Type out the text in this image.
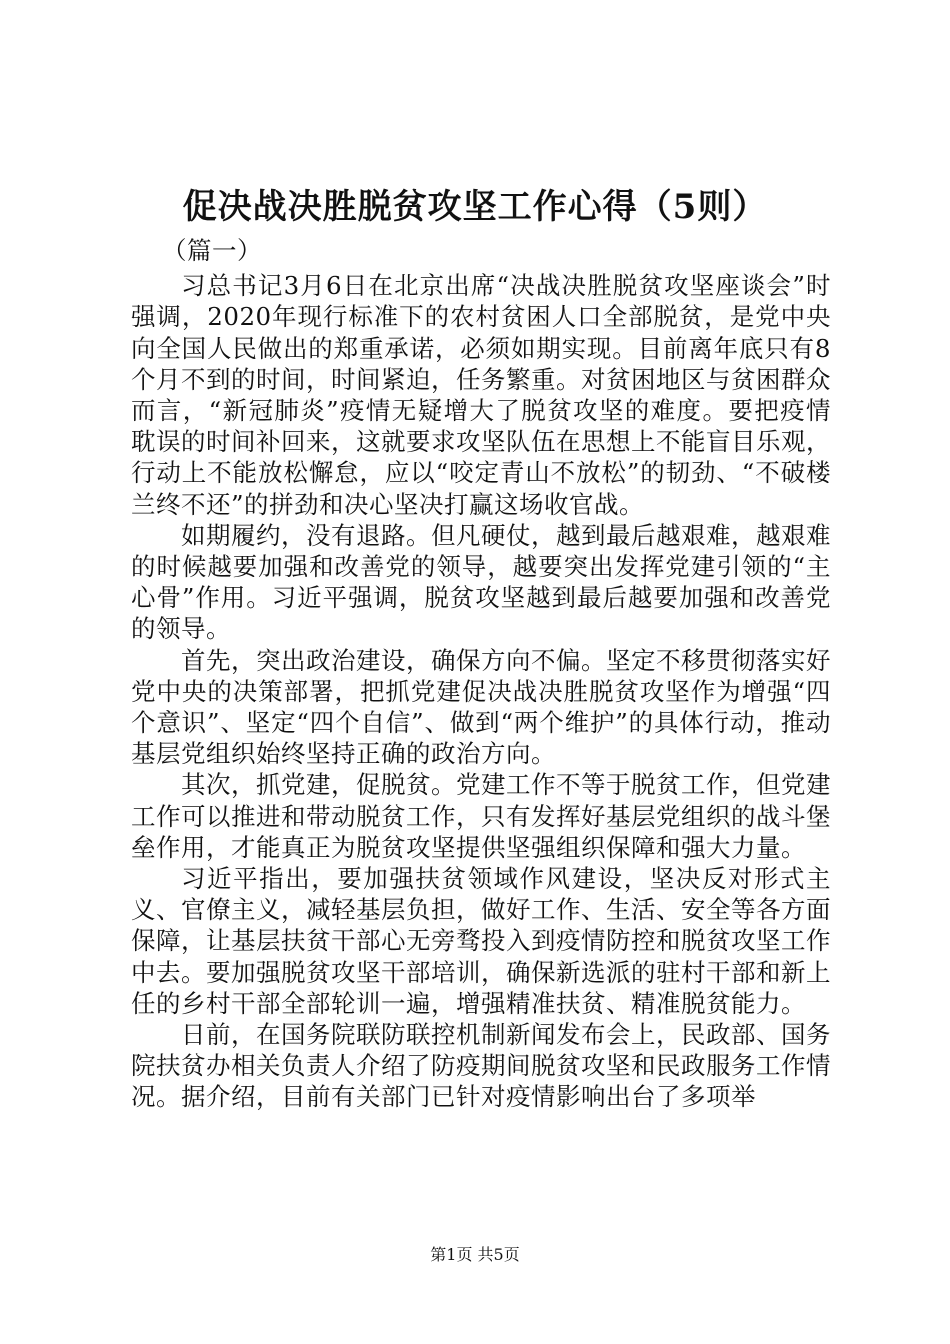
促决战决胜脱贫攻坚工作心得（5则）

（篇一）

习总书记3月6日在北京出席“决战决胜脱贫攻坚座谈会”时强调，2020年现行标准下的农村贫困人口全部脱贫，是党中央向全国人民做出的郑重承诺，必须如期实现。目前离年底只有8个月不到的时间，时间紧迫，任务繁重。对贫困地区与贫困群众而言，“新冠肺炎”疫情无疑增大了脱贫攻坚的难度。要把疫情耽误的时间补回来，这就要求攻坚队伍在思想上不能盲目乐观，行动上不能放松懈怠，应以“咬定青山不放松”的韧劲、“不破楼兰终不还”的拼劲和决心坚决打赢这场收官战。

如期履约，没有退路。但凡硬仗，越到最后越艰难，越艰难的时候越要加强和改善党的领导，越要突出发挥党建引领的“主心骨”作用。习近平强调，脱贫攻坚越到最后越要加强和改善党的领导。

首先，突出政治建设，确保方向不偏。坚定不移贯彻落实好党中央的决策部署，把抓党建促决战决胜脱贫攻坚作为增强“四个意识”、坚定“四个自信”、做到“两个维护”的具体行动，推动基层党组织始终坚持正确的政治方向。

其次，抓党建，促脱贫。党建工作不等于脱贫工作，但党建工作可以推进和带动脱贫工作，只有发挥好基层党组织的战斗堡垒作用，才能真正为脱贫攻坚提供坚强组织保障和强大力量。

习近平指出，要加强扶贫领域作风建设，坚决反对形式主义、官僚主义，减轻基层负担，做好工作、生活、安全等各方面保障，让基层扶贫干部心无旁骛投入到疫情防控和脱贫攻坚工作中去。要加强脱贫攻坚干部培训，确保新选派的驻村干部和新上任的乡村干部全部轮训一遍，增强精准扶贫、精准脱贫能力。

日前，在国务院联防联控机制新闻发布会上，民政部、国务院扶贫办相关负责人介绍了防疫期间脱贫攻坚和民政服务工作情况。据介绍，目前有关部门已针对疫情影响出台了多项举

第1页 共5页
